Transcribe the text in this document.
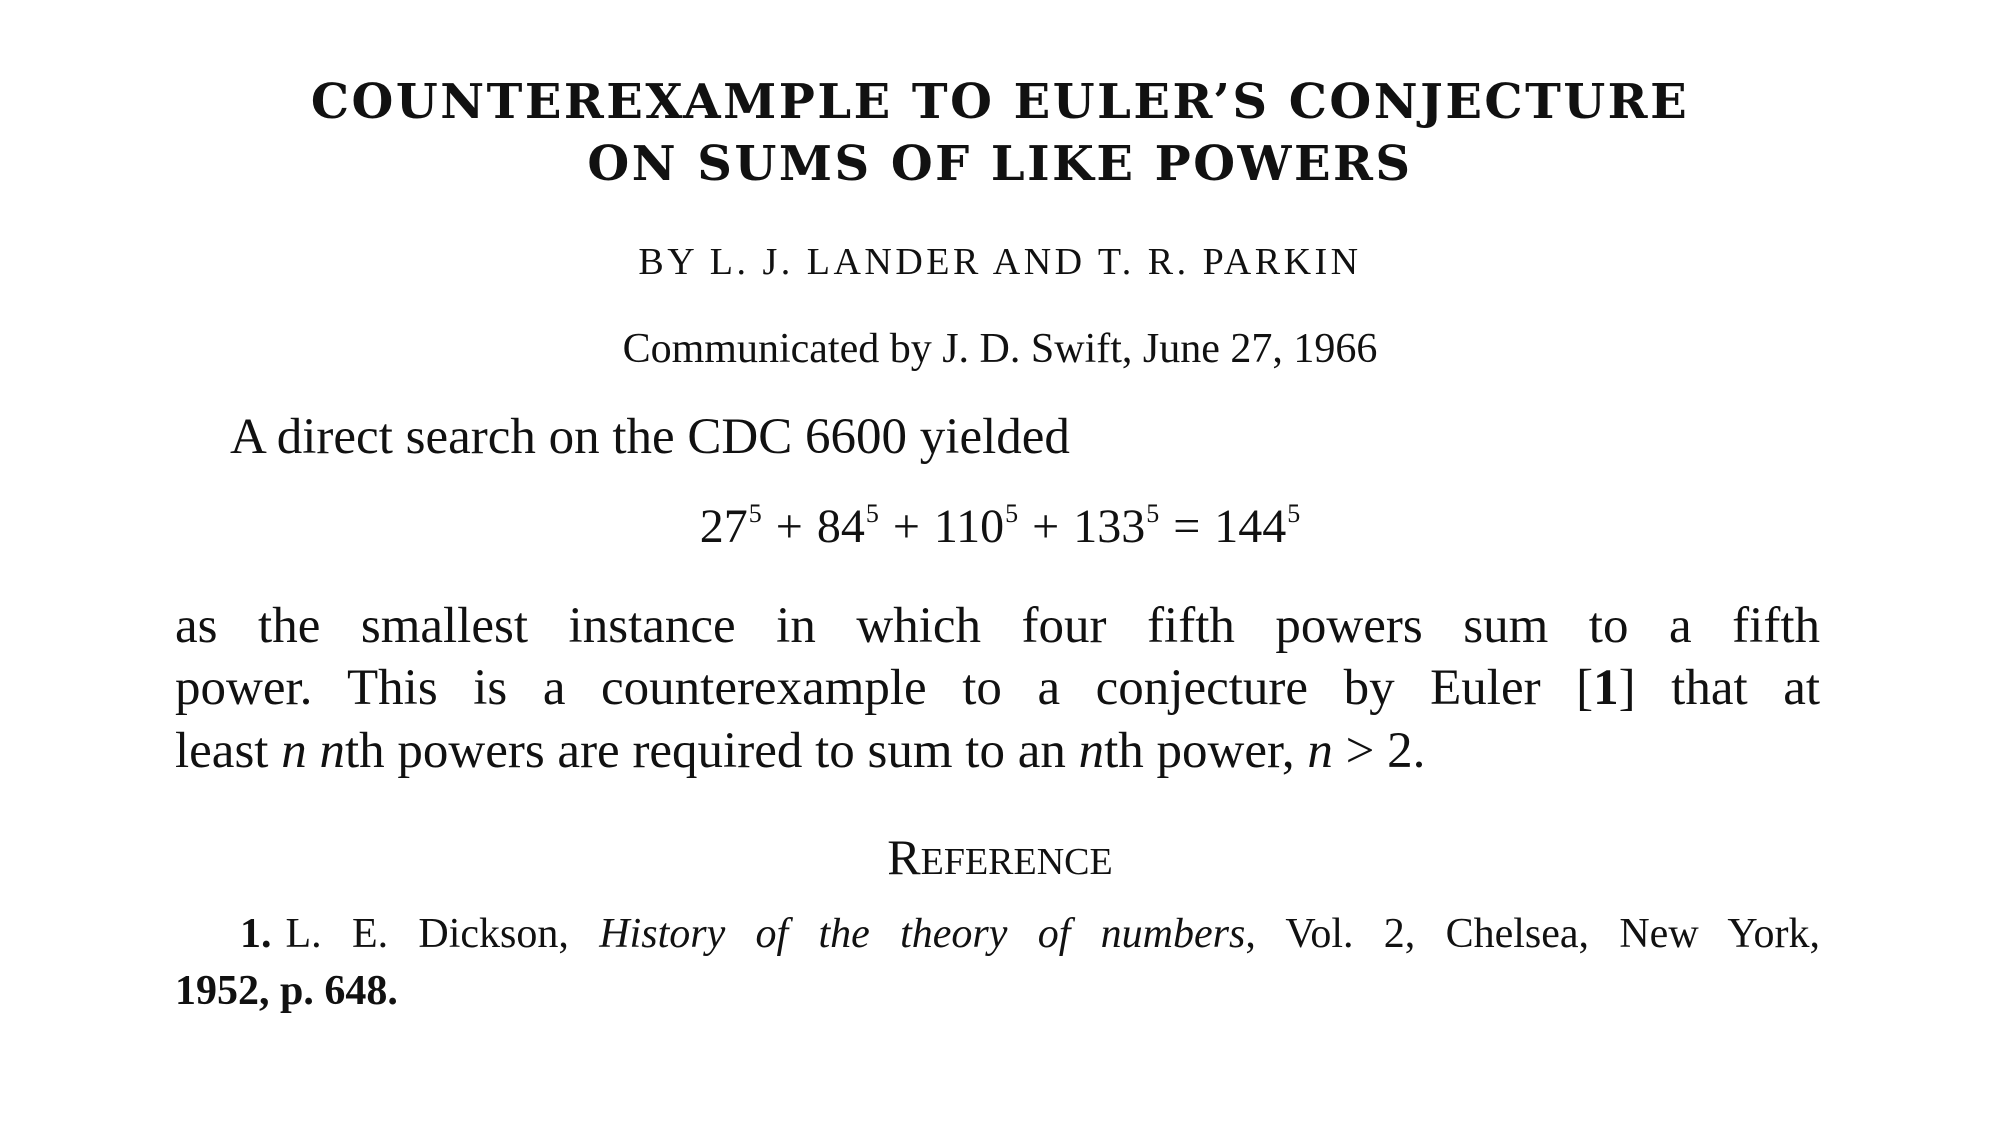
COUNTEREXAMPLE TO EULER’S CONJECTURE
ON SUMS OF LIKE POWERS
BY L. J. LANDER AND T. R. PARKIN
Communicated by J. D. Swift, June 27, 1966
A direct search on the CDC 6600 yielded
$27^5 + 84^5 + 110^5 + 133^5 = 144^5$
as the smallest instance in which four fifth powers sum to a fifth
power. This is a counterexample to a conjecture by Euler [1] that at
least n nth powers are required to sum to an nth power, n > 2.
REFERENCE
1. L. E. Dickson, History of the theory of numbers, Vol. 2, Chelsea, New York,
1952, p. 648.
